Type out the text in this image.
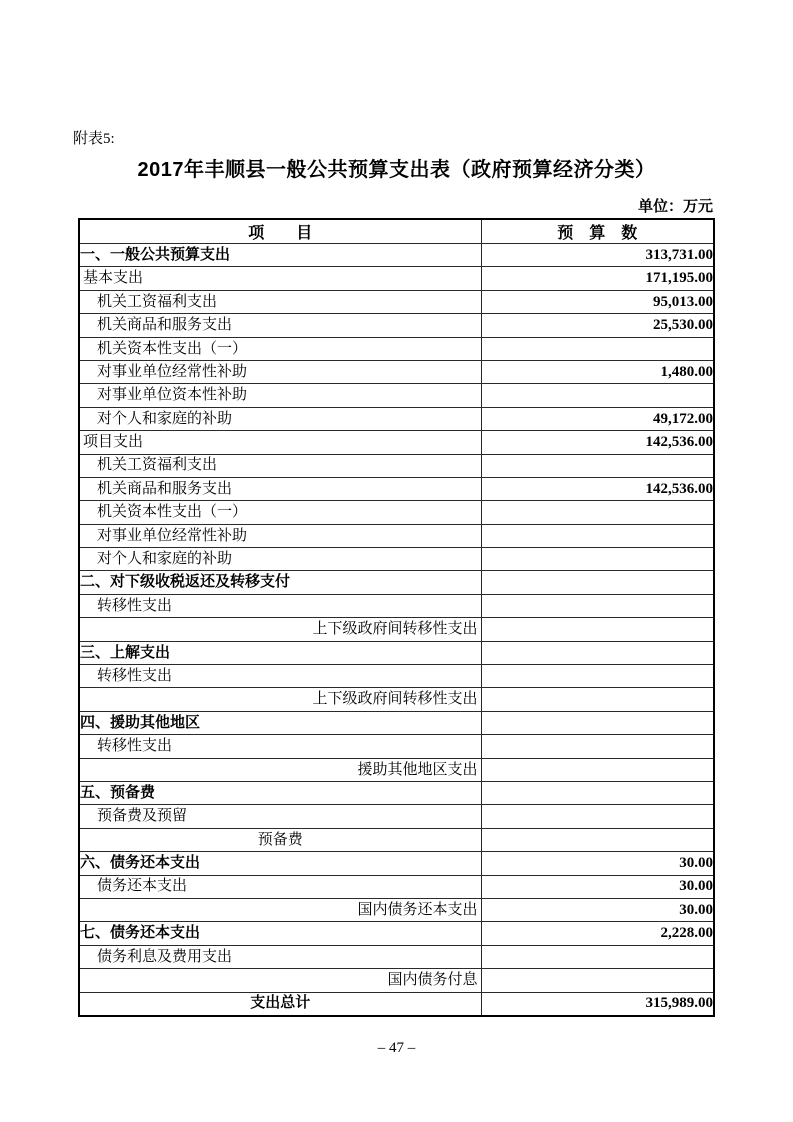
附表5:
2017年丰顺县一般公共预算支出表（政府预算经济分类）
单位：万元
项　　目	预　算　数
一、一般公共预算支出	313,731.00
基本支出	171,195.00
机关工资福利支出	95,013.00
机关商品和服务支出	25,530.00
机关资本性支出（一）	
对事业单位经常性补助	1,480.00
对事业单位资本性补助	
对个人和家庭的补助	49,172.00
项目支出	142,536.00
机关工资福利支出	
机关商品和服务支出	142,536.00
机关资本性支出（一）	
对事业单位经常性补助	
对个人和家庭的补助	
二、对下级收税返还及转移支付	
转移性支出	
上下级政府间转移性支出	
三、上解支出	
转移性支出	
上下级政府间转移性支出	
四、援助其他地区	
转移性支出	
援助其他地区支出	
五、预备费	
预备费及预留	
预备费	
六、债务还本支出	30.00
债务还本支出	30.00
国内债务还本支出	30.00
七、债务还本支出	2,228.00
债务利息及费用支出	
国内债务付息	
支出总计	315,989.00
– 47 –
